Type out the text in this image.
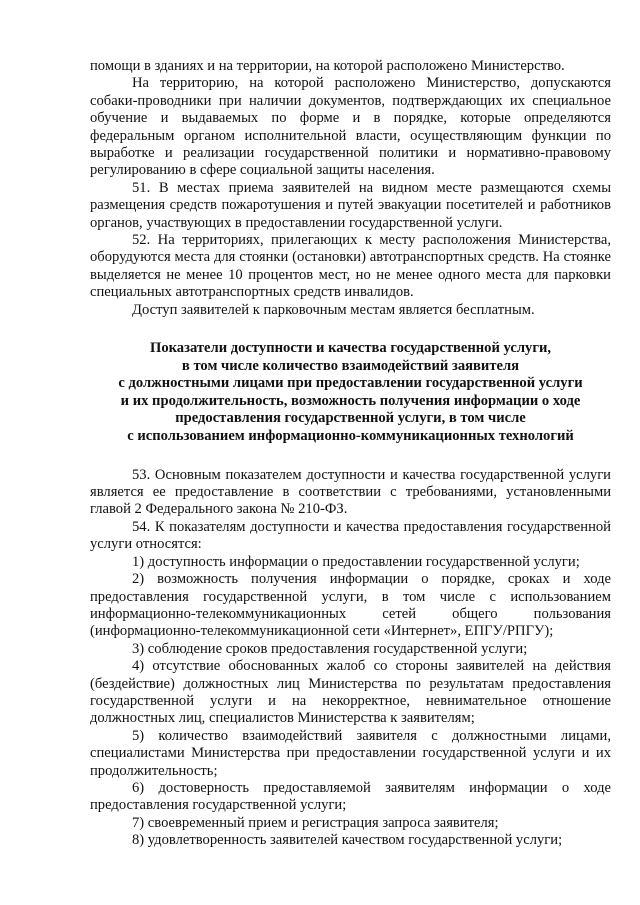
помощи в зданиях и на территории, на которой расположено Министерство.

На территорию, на которой расположено Министерство, допускаются собаки-проводники при наличии документов, подтверждающих их специальное обучение и выдаваемых по форме и в порядке, которые определяются федеральным органом исполнительной власти, осуществляющим функции по выработке и реализации государственной политики и нормативно-правовому регулированию в сфере социальной защиты населения.

51. В местах приема заявителей на видном месте размещаются схемы размещения средств пожаротушения и путей эвакуации посетителей и работников органов, участвующих в предоставлении государственной услуги.

52. На территориях, прилегающих к месту расположения Министерства, оборудуются места для стоянки (остановки) автотранспортных средств. На стоянке выделяется не менее 10 процентов мест, но не менее одного места для парковки специальных автотранспортных средств инвалидов.

Доступ заявителей к парковочным местам является бесплатным.

Показатели доступности и качества государственной услуги,
в том числе количество взаимодействий заявителя
с должностными лицами при предоставлении государственной услуги
и их продолжительность, возможность получения информации о ходе
предоставления государственной услуги, в том числе
с использованием информационно-коммуникационных технологий

53. Основным показателем доступности и качества государственной услуги является ее предоставление в соответствии с требованиями, установленными главой 2 Федерального закона № 210-ФЗ.

54. К показателям доступности и качества предоставления государственной услуги относятся:

1) доступность информации о предоставлении государственной услуги;

2) возможность получения информации о порядке, сроках и ходе предоставления государственной услуги, в том числе с использованием информационно-телекоммуникационных сетей общего пользования (информационно-телекоммуникационной сети «Интернет», ЕПГУ/РПГУ);

3) соблюдение сроков предоставления государственной услуги;

4) отсутствие обоснованных жалоб со стороны заявителей на действия (бездействие) должностных лиц Министерства по результатам предоставления государственной услуги и на некорректное, невнимательное отношение должностных лиц, специалистов Министерства к заявителям;

5) количество взаимодействий заявителя с должностными лицами, специалистами Министерства при предоставлении государственной услуги и их продолжительность;

6) достоверность предоставляемой заявителям информации о ходе предоставления государственной услуги;

7) своевременный прием и регистрация запроса заявителя;

8) удовлетворенность заявителей качеством государственной услуги;
